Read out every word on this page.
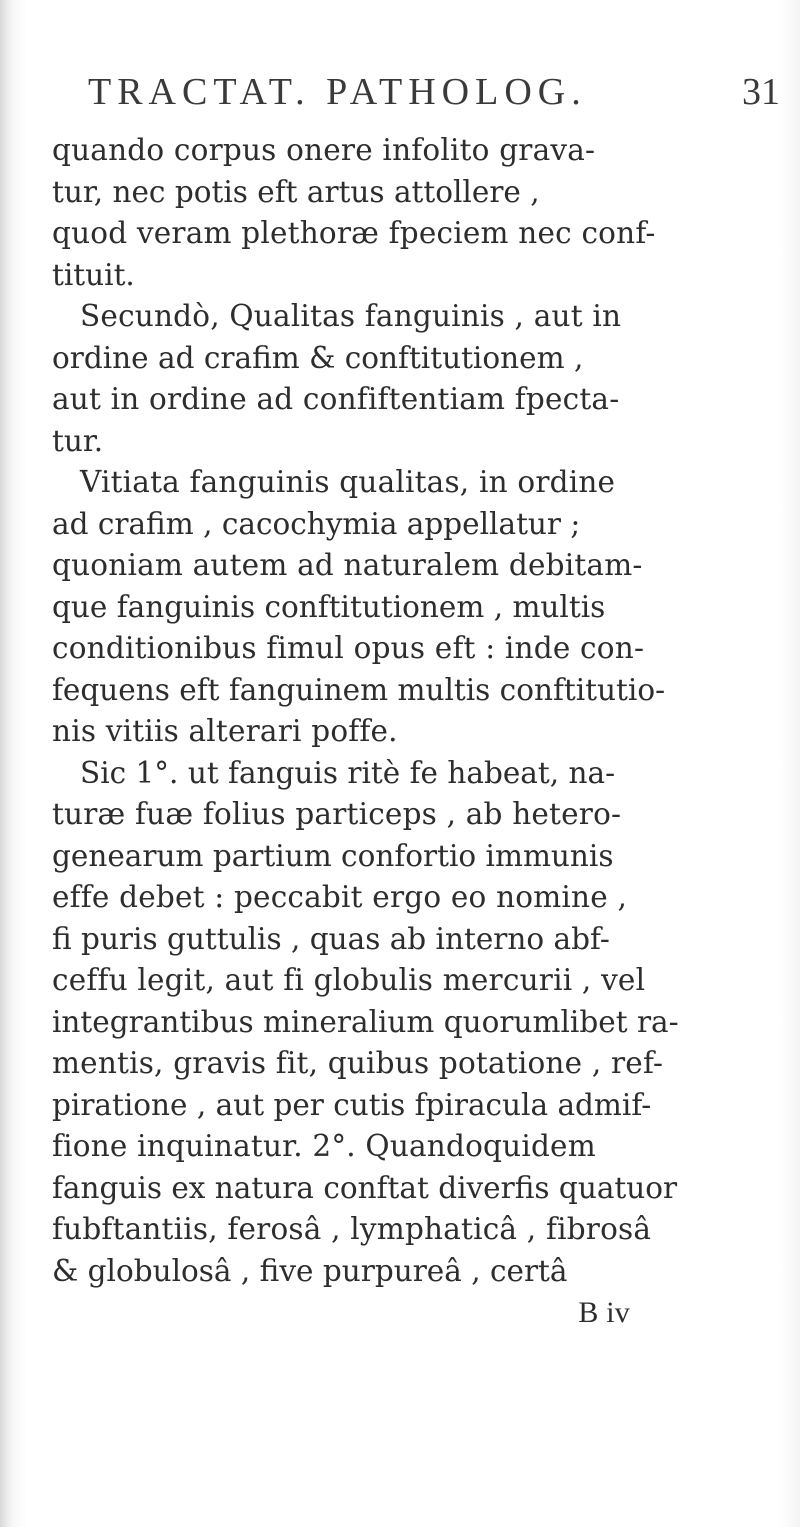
TRACTAT. PATHOLOG.	31
quando corpus onere infolito grava-
tur, nec potis eft artus attollere ,
quod veram plethoræ fpeciem nec conf-
tituit.
Secundò, Qualitas fanguinis , aut in
ordine ad crafim & conftitutionem ,
aut in ordine ad confiftentiam fpecta-
tur.
Vitiata fanguinis qualitas, in ordine
ad crafim , cacochymia appellatur ;
quoniam autem ad naturalem debitam-
que fanguinis conftitutionem , multis
conditionibus fimul opus eft : inde con-
fequens eft fanguinem multis conftitutio-
nis vitiis alterari poffe.
Sic 1°. ut fanguis ritè fe habeat, na-
turæ fuæ folius particeps , ab hetero-
genearum partium confortio immunis
effe debet : peccabit ergo eo nomine ,
fi puris guttulis , quas ab interno abf-
ceffu legit, aut fi globulis mercurii , vel
integrantibus mineralium quorumlibet ra-
mentis, gravis fit, quibus potatione , ref-
piratione , aut per cutis fpiracula admif-
fione inquinatur. 2°. Quandoquidem
fanguis ex natura conftat diverfis quatuor
fubftantiis, ferosâ , lymphaticâ , fibrosâ
& globulosâ , five purpureâ , certâ
B iv
